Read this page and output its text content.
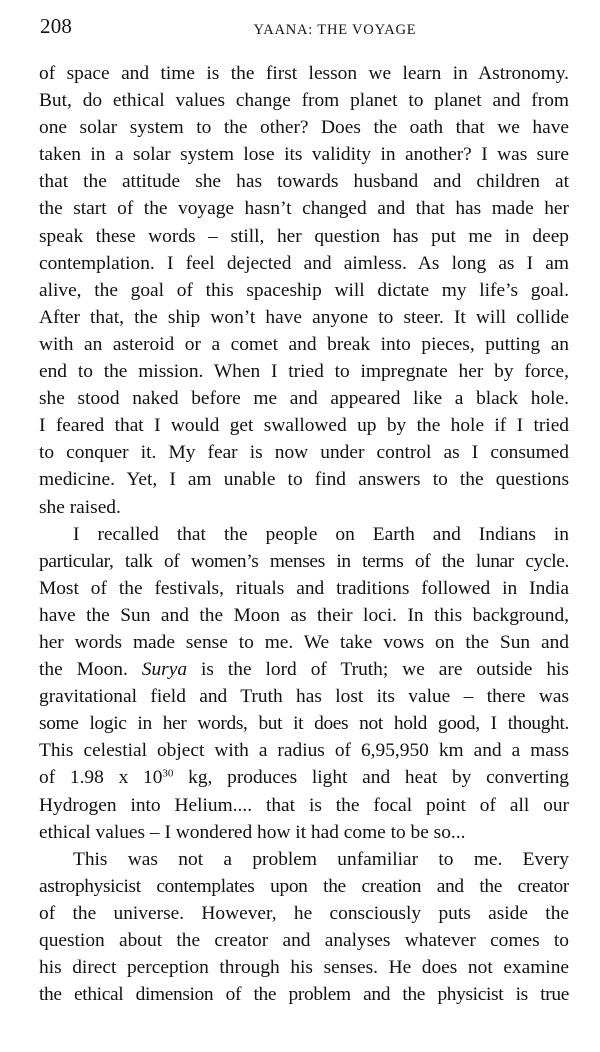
208	YAANA: THE VOYAGE
of space and time is the first lesson we learn in Astronomy.
But, do ethical values change from planet to planet and from
one solar system to the other? Does the oath that we have
taken in a solar system lose its validity in another? I was sure
that the attitude she has towards husband and children at
the start of the voyage hasn’t changed and that has made her
speak these words – still, her question has put me in deep
contemplation. I feel dejected and aimless. As long as I am
alive, the goal of this spaceship will dictate my life’s goal.
After that, the ship won’t have anyone to steer. It will collide
with an asteroid or a comet and break into pieces, putting an
end to the mission. When I tried to impregnate her by force,
she stood naked before me and appeared like a black hole.
I feared that I would get swallowed up by the hole if I tried
to conquer it. My fear is now under control as I consumed
medicine. Yet, I am unable to find answers to the questions
she raised.
I recalled that the people on Earth and Indians in
particular, talk of women’s menses in terms of the lunar cycle.
Most of the festivals, rituals and traditions followed in India
have the Sun and the Moon as their loci. In this background,
her words made sense to me. We take vows on the Sun and
the Moon. Surya is the lord of Truth; we are outside his
gravitational field and Truth has lost its value – there was
some logic in her words, but it does not hold good, I thought.
This celestial object with a radius of 6,95,950 km and a mass
of 1.98 x $10^{30}$ kg, produces light and heat by converting
Hydrogen into Helium.... that is the focal point of all our
ethical values – I wondered how it had come to be so...
This was not a problem unfamiliar to me. Every
astrophysicist contemplates upon the creation and the creator
of the universe. However, he consciously puts aside the
question about the creator and analyses whatever comes to
his direct perception through his senses. He does not examine
the ethical dimension of the problem and the physicist is true
